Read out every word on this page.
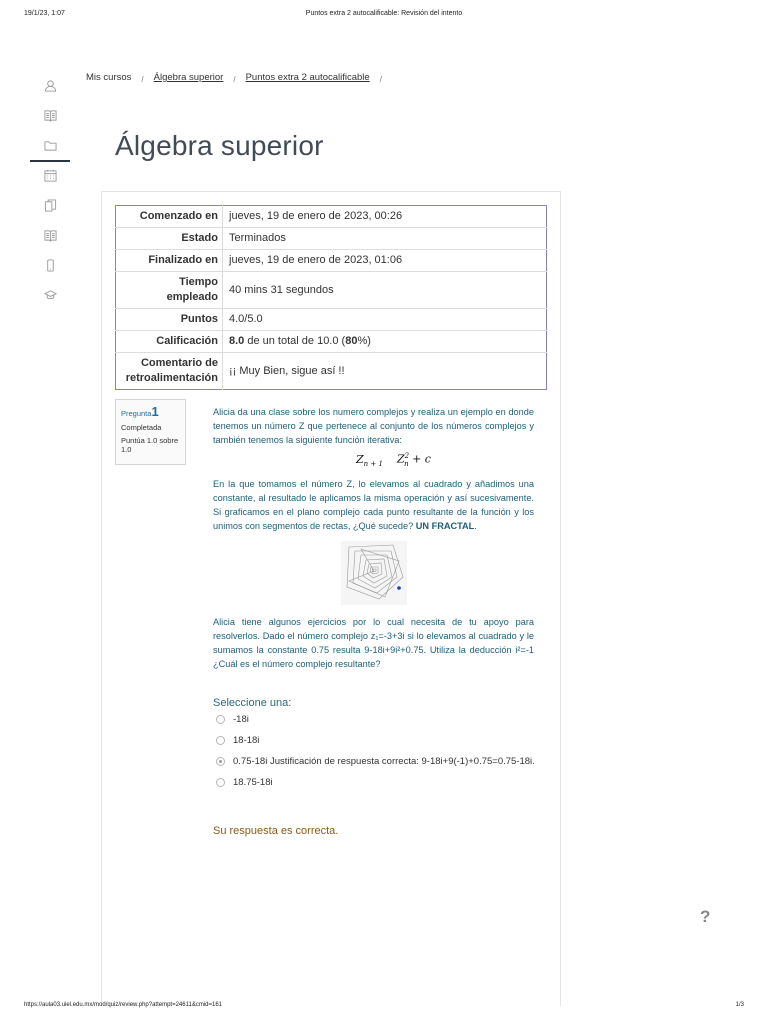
19/1/23, 1:07	Puntos extra 2 autocalificable: Revisión del intento
Mis cursos / Álgebra superior / Puntos extra 2 autocalificable /
Álgebra superior
Comenzado en	jueves, 19 de enero de 2023, 00:26
Estado	Terminados
Finalizado en	jueves, 19 de enero de 2023, 01:06
Tiempo empleado	40 mins 31 segundos
Puntos	4.0/5.0
Calificación	8.0 de un total de 10.0 (80%)
Comentario de retroalimentación	¡¡ Muy Bien, sigue así !!
Pregunta1
Completada
Puntúa 1.0 sobre 1.0

Alicia da una clase sobre los numero complejos y realiza un ejemplo en donde tenemos un número Z que pertenece al conjunto de los números complejos y también tenemos la siguiente función iterativa:

$Z_{n + 1}$ $Z^2_n + c$

En la que tomamos el número Z, lo elevamos al cuadrado y añadimos una constante, al resultado le aplicamos la misma operación y así sucesivamente. Si graficamos en el plano complejo cada punto resultante de la función y los unimos con segmentos de rectas, ¿Qué sucede? UN FRACTAL.

Alicia tiene algunos ejercicios por lo cual necesita de tu apoyo para resolverlos. Dado el número complejo z₁=-3+3i si lo elevamos al cuadrado y le sumamos la constante 0.75 resulta 9-18i+9i²+0.75. Utiliza la deducción i²=-1 ¿Cuál es el número complejo resultante?

Seleccione una:
-18i
18-18i
0.75-18i Justificación de respuesta correcta: 9-18i+9(-1)+0.75=0.75-18i.
18.75-18i
Su respuesta es correcta.
?
https://aula03.uiel.edu.mx/mod/quiz/review.php?attempt=24611&cmid=161	1/3
